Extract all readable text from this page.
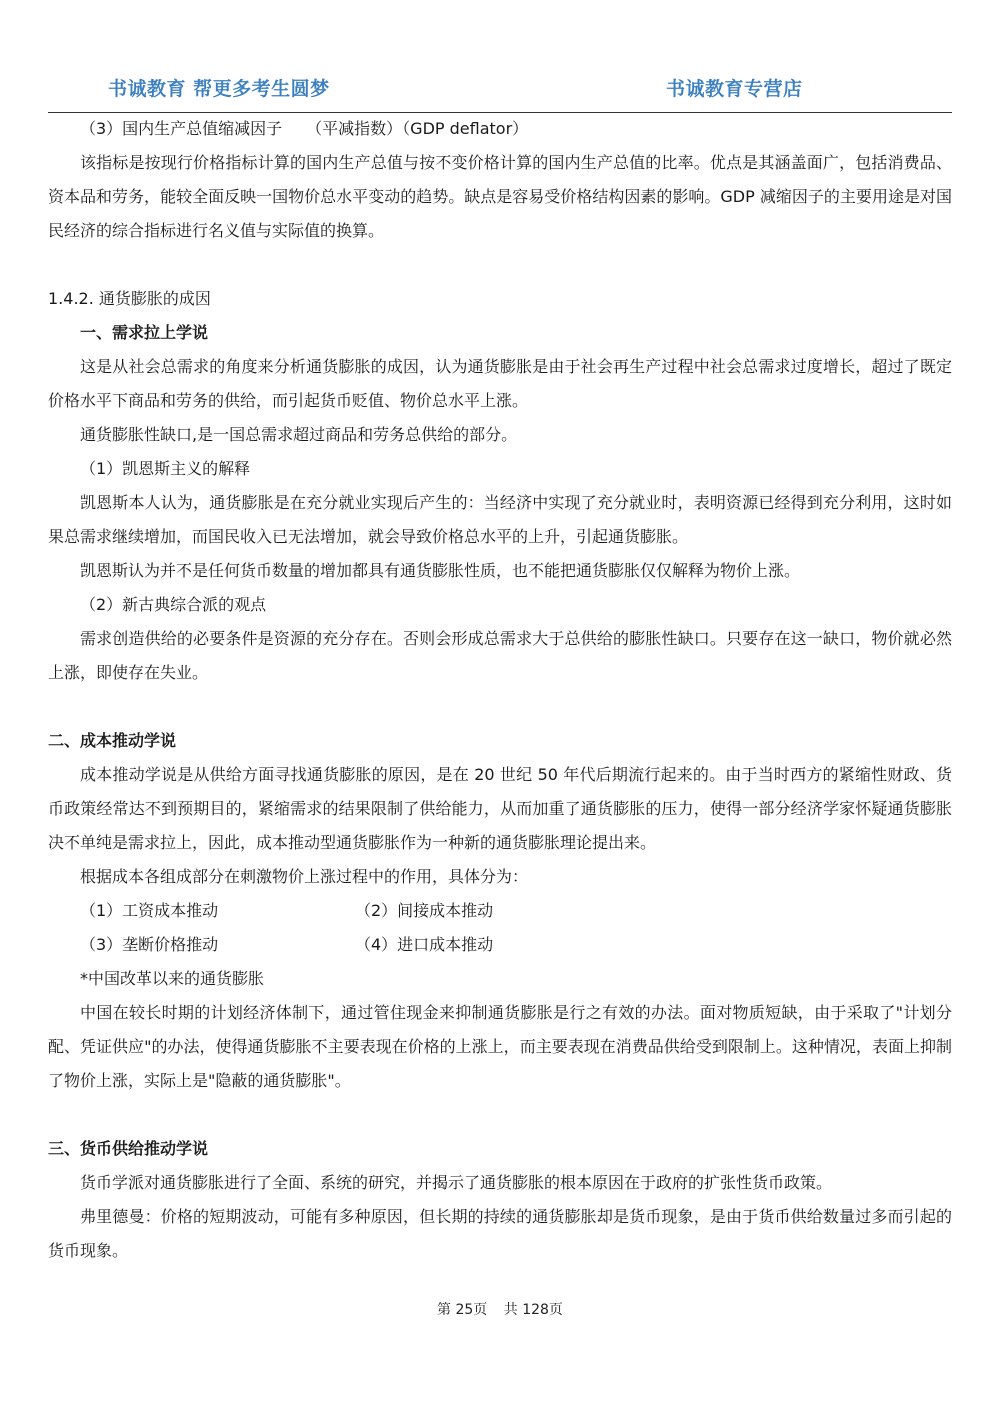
书诚教育 帮更多考生圆梦	书诚教育专营店

（3）国内生产总值缩减因子　　（平减指数）（GDP deflator）

该指标是按现行价格指标计算的国内生产总值与按不变价格计算的国内生产总值的比率。优点是其涵盖面广，包括消费品、资本品和劳务，能较全面反映一国物价总水平变动的趋势。缺点是容易受价格结构因素的影响。GDP 减缩因子的主要用途是对国民经济的综合指标进行名义值与实际值的换算。

1.4.2. 通货膨胀的成因

一、需求拉上学说

这是从社会总需求的角度来分析通货膨胀的成因，认为通货膨胀是由于社会再生产过程中社会总需求过度增长，超过了既定价格水平下商品和劳务的供给，而引起货币贬值、物价总水平上涨。

通货膨胀性缺口,是一国总需求超过商品和劳务总供给的部分。

（1）凯恩斯主义的解释

凯恩斯本人认为，通货膨胀是在充分就业实现后产生的：当经济中实现了充分就业时，表明资源已经得到充分利用，这时如果总需求继续增加，而国民收入已无法增加，就会导致价格总水平的上升，引起通货膨胀。

凯恩斯认为并不是任何货币数量的增加都具有通货膨胀性质，也不能把通货膨胀仅仅解释为物价上涨。

（2）新古典综合派的观点

需求创造供给的必要条件是资源的充分存在。否则会形成总需求大于总供给的膨胀性缺口。只要存在这一缺口，物价就必然上涨，即使存在失业。

二、成本推动学说

成本推动学说是从供给方面寻找通货膨胀的原因，是在 20 世纪 50 年代后期流行起来的。由于当时西方的紧缩性财政、货币政策经常达不到预期目的，紧缩需求的结果限制了供给能力，从而加重了通货膨胀的压力，使得一部分经济学家怀疑通货膨胀决不单纯是需求拉上，因此，成本推动型通货膨胀作为一种新的通货膨胀理论提出来。

根据成本各组成部分在刺激物价上涨过程中的作用，具体分为：

（1）工资成本推动	（2）间接成本推动
（3）垄断价格推动	（4）进口成本推动

*中国改革以来的通货膨胀

中国在较长时期的计划经济体制下，通过管住现金来抑制通货膨胀是行之有效的办法。面对物质短缺，由于采取了"计划分配、凭证供应"的办法，使得通货膨胀不主要表现在价格的上涨上，而主要表现在消费品供给受到限制上。这种情况，表面上抑制了物价上涨，实际上是"隐蔽的通货膨胀"。

三、货币供给推动学说

货币学派对通货膨胀进行了全面、系统的研究，并揭示了通货膨胀的根本原因在于政府的扩张性货币政策。

弗里德曼：价格的短期波动，可能有多种原因，但长期的持续的通货膨胀却是货币现象，是由于货币供给数量过多而引起的货币现象。

第 25页 共 128页
